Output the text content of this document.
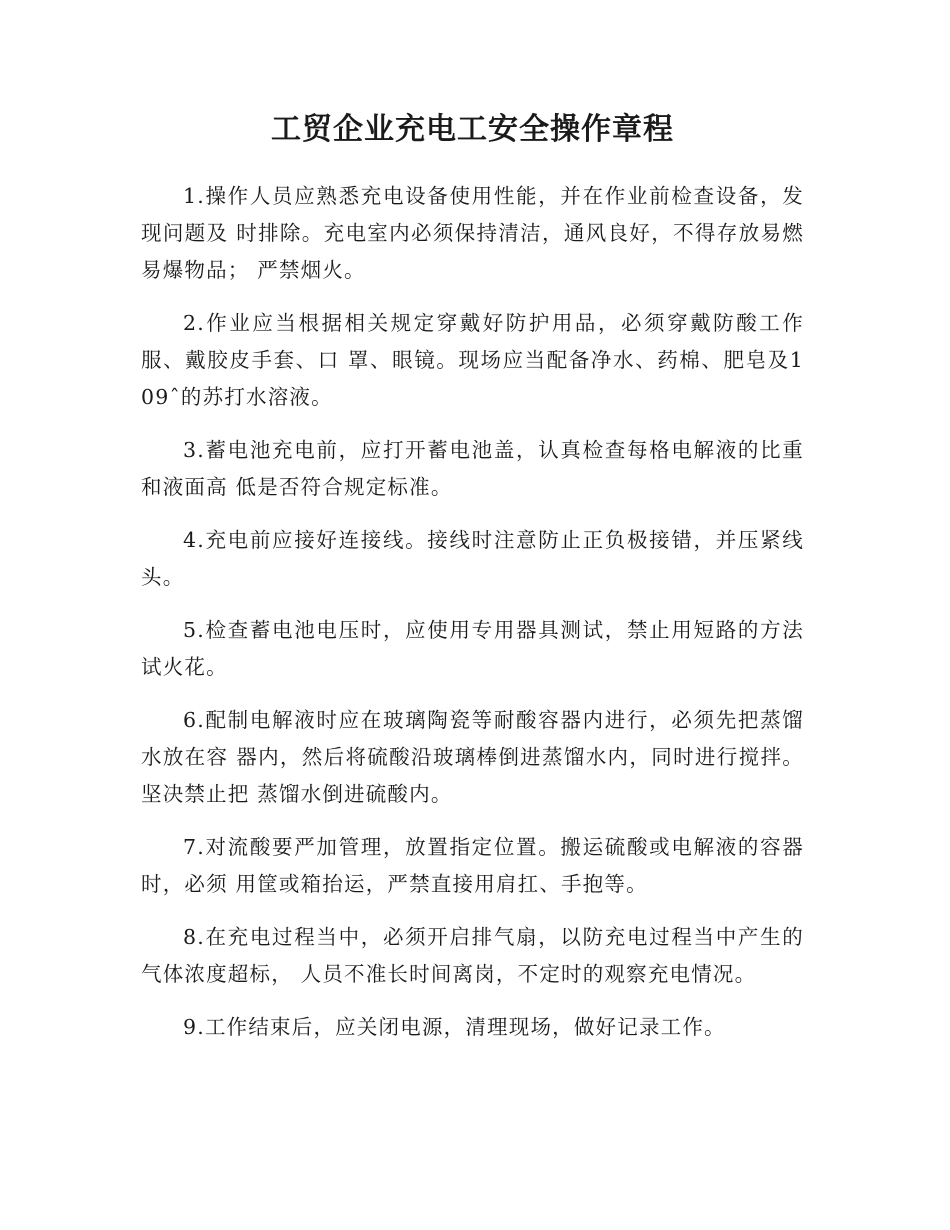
工贸企业充电工安全操作章程

1.操作人员应熟悉充电设备使用性能，并在作业前检查设备，发现问题及 时排除。充电室内必须保持清洁，通风良好，不得存放易燃易爆物品； 严禁烟火。

2.作业应当根据相关规定穿戴好防护用品，必须穿戴防酸工作服、戴胶皮手套、口 罩、眼镜。现场应当配备净水、药棉、肥皂及109ˆ的苏打水溶液。

3.蓄电池充电前，应打开蓄电池盖，认真检查每格电解液的比重和液面高 低是否符合规定标准。

4.充电前应接好连接线。接线时注意防止正负极接错，并压紧线头。

5.检查蓄电池电压时，应使用专用器具测试，禁止用短路的方法试火花。

6.配制电解液时应在玻璃陶瓷等耐酸容器内进行，必须先把蒸馏水放在容 器内，然后将硫酸沿玻璃棒倒进蒸馏水内，同时进行搅拌。坚决禁止把 蒸馏水倒进硫酸内。

7.对流酸要严加管理，放置指定位置。搬运硫酸或电解液的容器时，必须 用筐或箱抬运，严禁直接用肩扛、手抱等。

8.在充电过程当中，必须开启排气扇，以防充电过程当中产生的气体浓度超标， 人员不准长时间离岗，不定时的观察充电情况。

9.工作结束后，应关闭电源，清理现场，做好记录工作。
